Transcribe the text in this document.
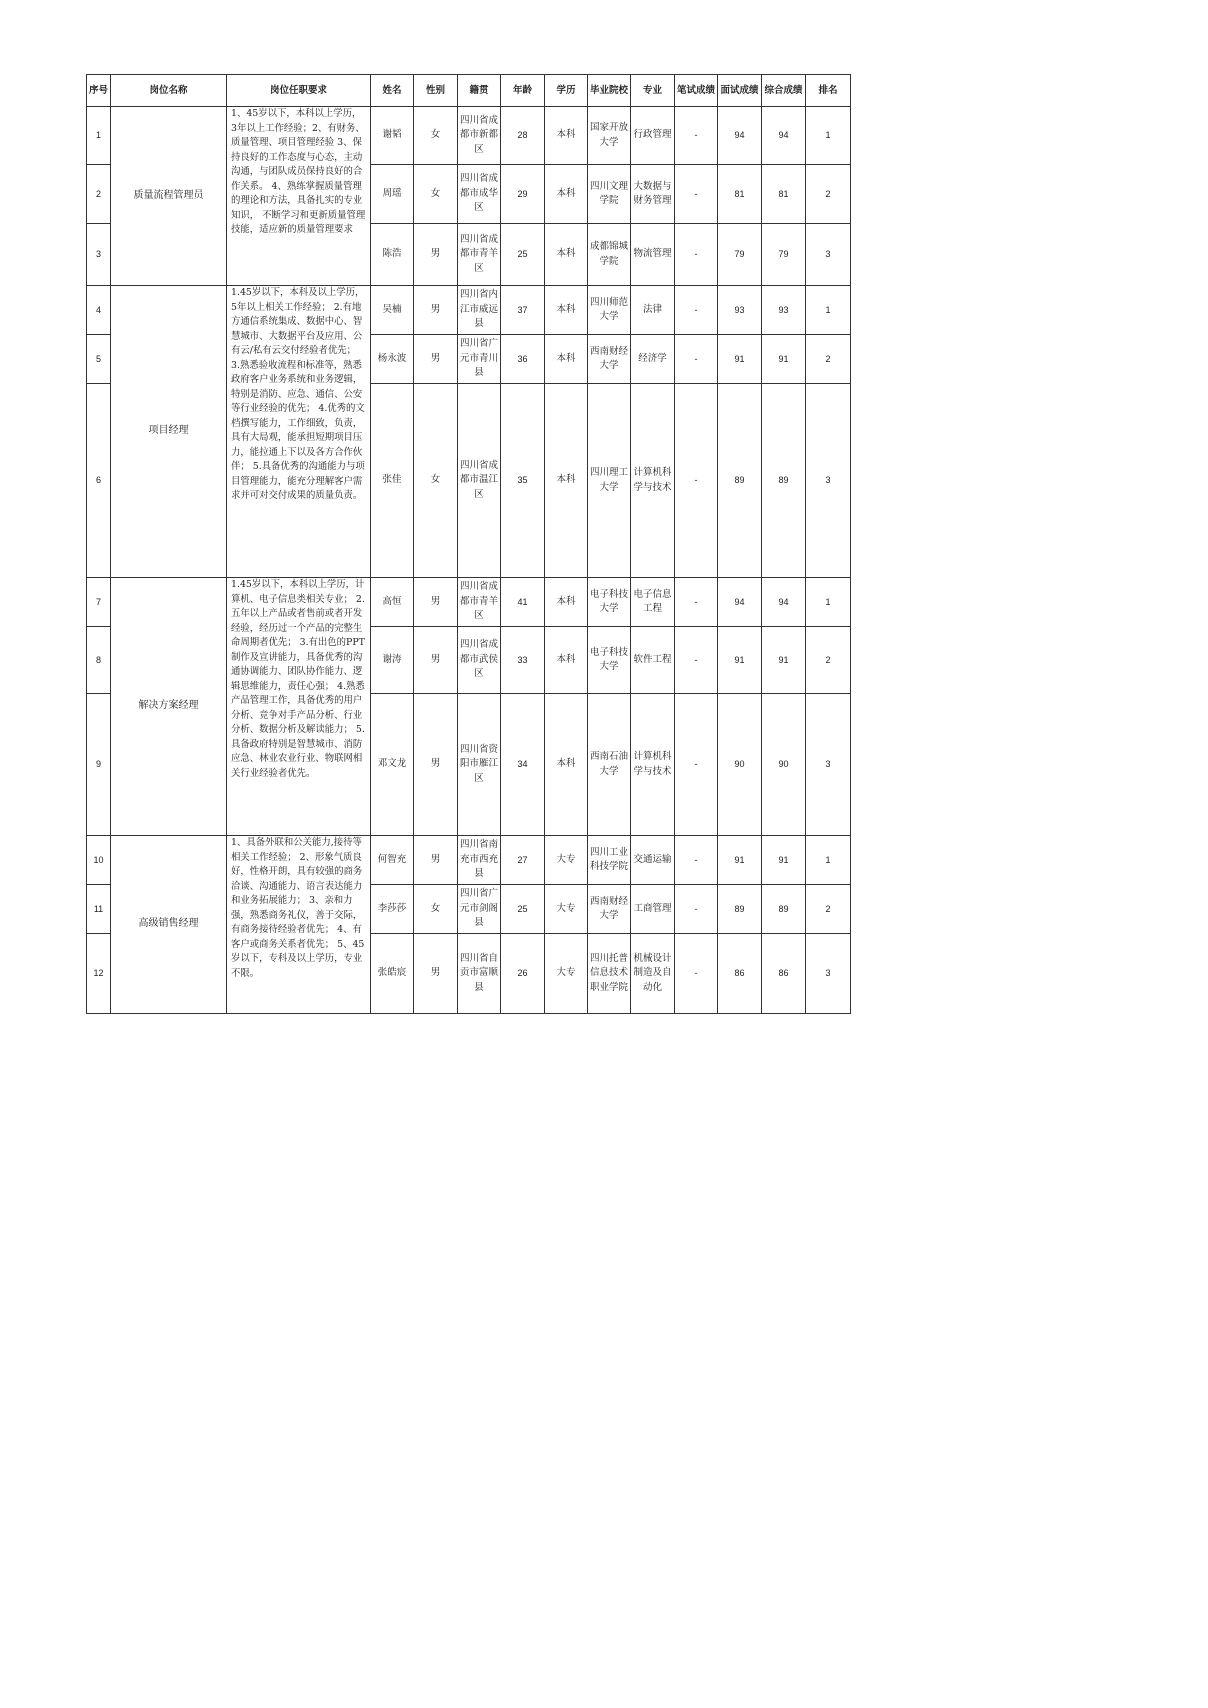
序号	岗位名称	岗位任职要求	姓名	性别	籍贯	年龄	学历	毕业院校	专业	笔试成绩	面试成绩	综合成绩	排名
1	质量流程管理员	1、45岁以下，本科以上学历，3年以上工作经验；2、有财务、质量管理、项目管理经验 3、保持良好的工作态度与心态，主动沟通，与团队成员保持良好的合作关系。 4、熟练掌握质量管理的理论和方法，具备扎实的专业知识， 不断学习和更新质量管理技能，适应新的质量管理要求	谢韬	女	四川省成都市新都区	28	本科	国家开放大学	行政管理	-	94	94	1
2			周瑶	女	四川省成都市成华区	29	本科	四川文理学院	大数据与财务管理	-	81	81	2
3			陈浩	男	四川省成都市青羊区	25	本科	成都锦城学院	物流管理	-	79	79	3
4	项目经理	1.45岁以下，本科及以上学历，5年以上相关工作经验； 2.有地方通信系统集成、数据中心、智慧城市、大数据平台及应用、公有云/私有云交付经验者优先； 3.熟悉验收流程和标准等，熟悉政府客户业务系统和业务逻辑，特别是消防、应急、通信、公安等行业经验的优先； 4.优秀的文档撰写能力，工作细致，负责，具有大局观，能承担短期项目压力，能拉通上下以及各方合作伙伴； 5.具备优秀的沟通能力与项目管理能力，能充分理解客户需求并可对交付成果的质量负责。	吴楠	男	四川省内江市威远县	37	本科	四川师范大学	法律	-	93	93	1
5			杨永波	男	四川省广元市青川县	36	本科	西南财经大学	经济学	-	91	91	2
6			张佳	女	四川省成都市温江区	35	本科	四川理工大学	计算机科学与技术	-	89	89	3
7	解决方案经理	1.45岁以下，本科以上学历，计算机、电子信息类相关专业； 2.五年以上产品或者售前或者开发经验，经历过一个产品的完整生命周期者优先； 3.有出色的PPT制作及宣讲能力，具备优秀的沟通协调能力、团队协作能力、逻辑思维能力，责任心强； 4.熟悉产品管理工作，具备优秀的用户分析、竞争对手产品分析、行业分析、数据分析及解读能力； 5.具备政府特别是智慧城市、消防应急、林业农业行业、物联网相关行业经验者优先。	高恒	男	四川省成都市青羊区	41	本科	电子科技大学	电子信息工程	-	94	94	1
8			谢涛	男	四川省成都市武侯区	33	本科	电子科技大学	软件工程	-	91	91	2
9			邓文龙	男	四川省资阳市雁江区	34	本科	西南石油大学	计算机科学与技术	-	90	90	3
10	高级销售经理	1、具备外联和公关能力,接待等相关工作经验； 2、形象气质良好，性格开朗，具有较强的商务洽谈、沟通能力、语言表达能力和业务拓展能力； 3、亲和力强，熟悉商务礼仪，善于交际，有商务接待经验者优先； 4、有客户或商务关系者优先； 5、45岁以下，专科及以上学历，专业不限。	何智充	男	四川省南充市西充县	27	大专	四川工业科技学院	交通运输	-	91	91	1
11			李莎莎	女	四川省广元市剑阁县	25	大专	西南财经大学	工商管理	-	89	89	2
12			张皓宸	男	四川省自贡市富顺县	26	大专	四川托普信息技术职业学院	机械设计制造及自动化	-	86	86	3
